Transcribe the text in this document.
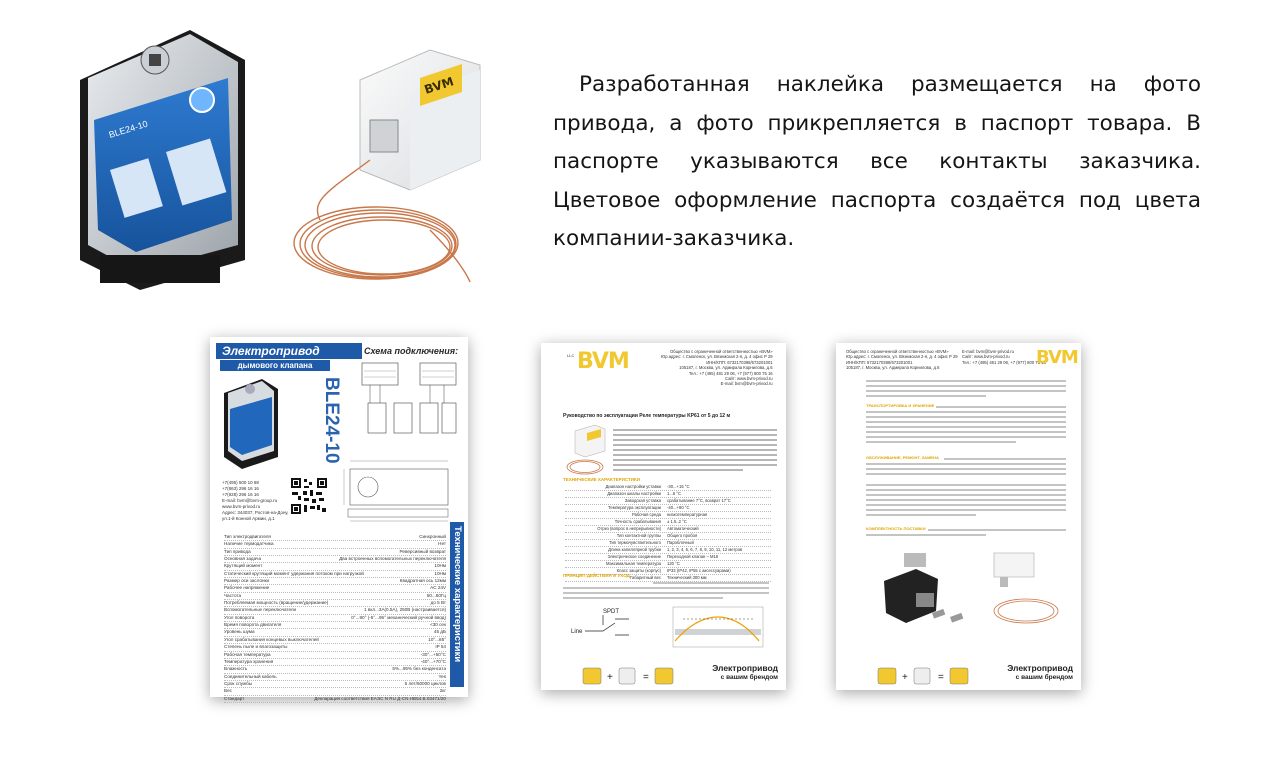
BLE24-10
BVM	Разработанная наклейка размещается на фото привода, а фото прикрепляется в паспорт товара. В паспорте указываются все контакты заказчика. Цветовое оформление паспорта создаётся под цвета компании-заказчика.

Электропривод
дымового клапана
Схема подключения:
BLE24-10
+7(495) 500 10 98
+7(863) 296 16 16
+7(928) 296 16 16
E-mail: bvm@bvm-group.ru
www.bvm-privod.ru
Адрес: 344037, Ростов-на-Дону,
ул.1-й Конной Армии, д.1
Тип электродвигателя	Синхронный
Наличие термодатчика	Нет
Тип привода	Реверсивный возврат
Основная задача	Два встроенных вспомогательных переключателя
Крутящий момент	10Нм
Статический крутящий момент удержания потоком при нагрузкой	10Нм
Размер оси заслонки	Квадратная ось 12мм
Рабочее напряжение	AC 24V
Частота	50...60Гц
Потребляемая мощность (вращение/удержание)	до 5 Вт
Вспомогательные переключатели	1 вкл...3A(0.5A), 250В (настраивается)
Угол поворота	0°...90° (-5°...95° механический ручной ввод)
Время поворота двигателя	<30 сек
Уровень шума	45 дБ
Угол срабатывания концевых выключателей	10°...85°
Степень пыле и влагозащиты	IP 54
Рабочая температура	-30°...+50°C
Температура хранения	-40°...+70°C
Влажность	5%...95% без конденсата
Соединительный кабель	Yes
Срок службы	5 лет/60000 циклов
Вес	2кг
Стандарт	Декларация соответствия ЕАЭС N RU Д-CN.НВ54.В.03471/20
Технические характеристики
BVM
LLC
Общество с ограниченной ответственностью «BVM»
Юр.адрес: г. Смоленск, ул. Вяземская 2-я, д. 4 офис Р 29
ИНН/КПП: 6732170398/673201001
105187, г. Москва, ул. Адмирала Корнилова, д.6
Тел.: +7 (495) 481 29 06, +7 (977) 800 75 16
Сайт: www.bvm-privod.ru
E-mail: bvm@bvm-privod.ru
Руководство по эксплуатации Реле температуры KP61 от 5 до 12 м
ТЕХНИЧЕСКИЕ ХАРАКТЕРИСТИКИ
Диапазон настройки уставки	-30...+15 °C
Диапазон шкалы настройки	1...6 °C
Заводская уставка	срабатывание 7°C, возврат 17°C
Температура эксплуатации	-40...+80 °C
Рабочая среда	низкотемпературная
Точность срабатывания	± 1.5..2 °C
Отрез (вопрос в непрерывности)	Автоматический
Тип контактной группы	Общего пробоя
Тип термочувствительного	Пароблочный
Длина капиллярной трубки	1, 2, 3, 4, 5, 6, 7, 8, 9, 10, 11, 12 метров
Электрическое соединение	Переходной клапан – М16
Максимальная температура	120 °C
Класс защиты (корпус)	IP33 (IP42, IP55 с аксессуарами)
Габаритный вес	Технический 300 мм
ПРИНЦИП ДЕЙСТВИЯ И УХОД
SPDT
Line
+	=
Электропривод
с вашим брендом
Общество с ограниченной ответственностью «BVM»
Юр.адрес: г. Смоленск, ул. Вяземская 2-я, д. 4 офис Р 29
ИНН/КПП: 6732170398/673201001
105187, г. Москва, ул. Адмирала Корнилова, д.6
E-mail: bvm@bvm-privod.ru
Сайт: www.bvm-privod.ru
Тел.: +7 (495) 481 29 06, +7 (977) 800 75 16
BVM
ТРАНСПОРТИРОВКА И ХРАНЕНИЕ
ОБСЛУЖИВАНИЕ, РЕМОНТ, ЗАМЕНА
КОМПЛЕКТНОСТЬ ПОСТАВКИ
+	=
Электропривод
с вашим брендом
